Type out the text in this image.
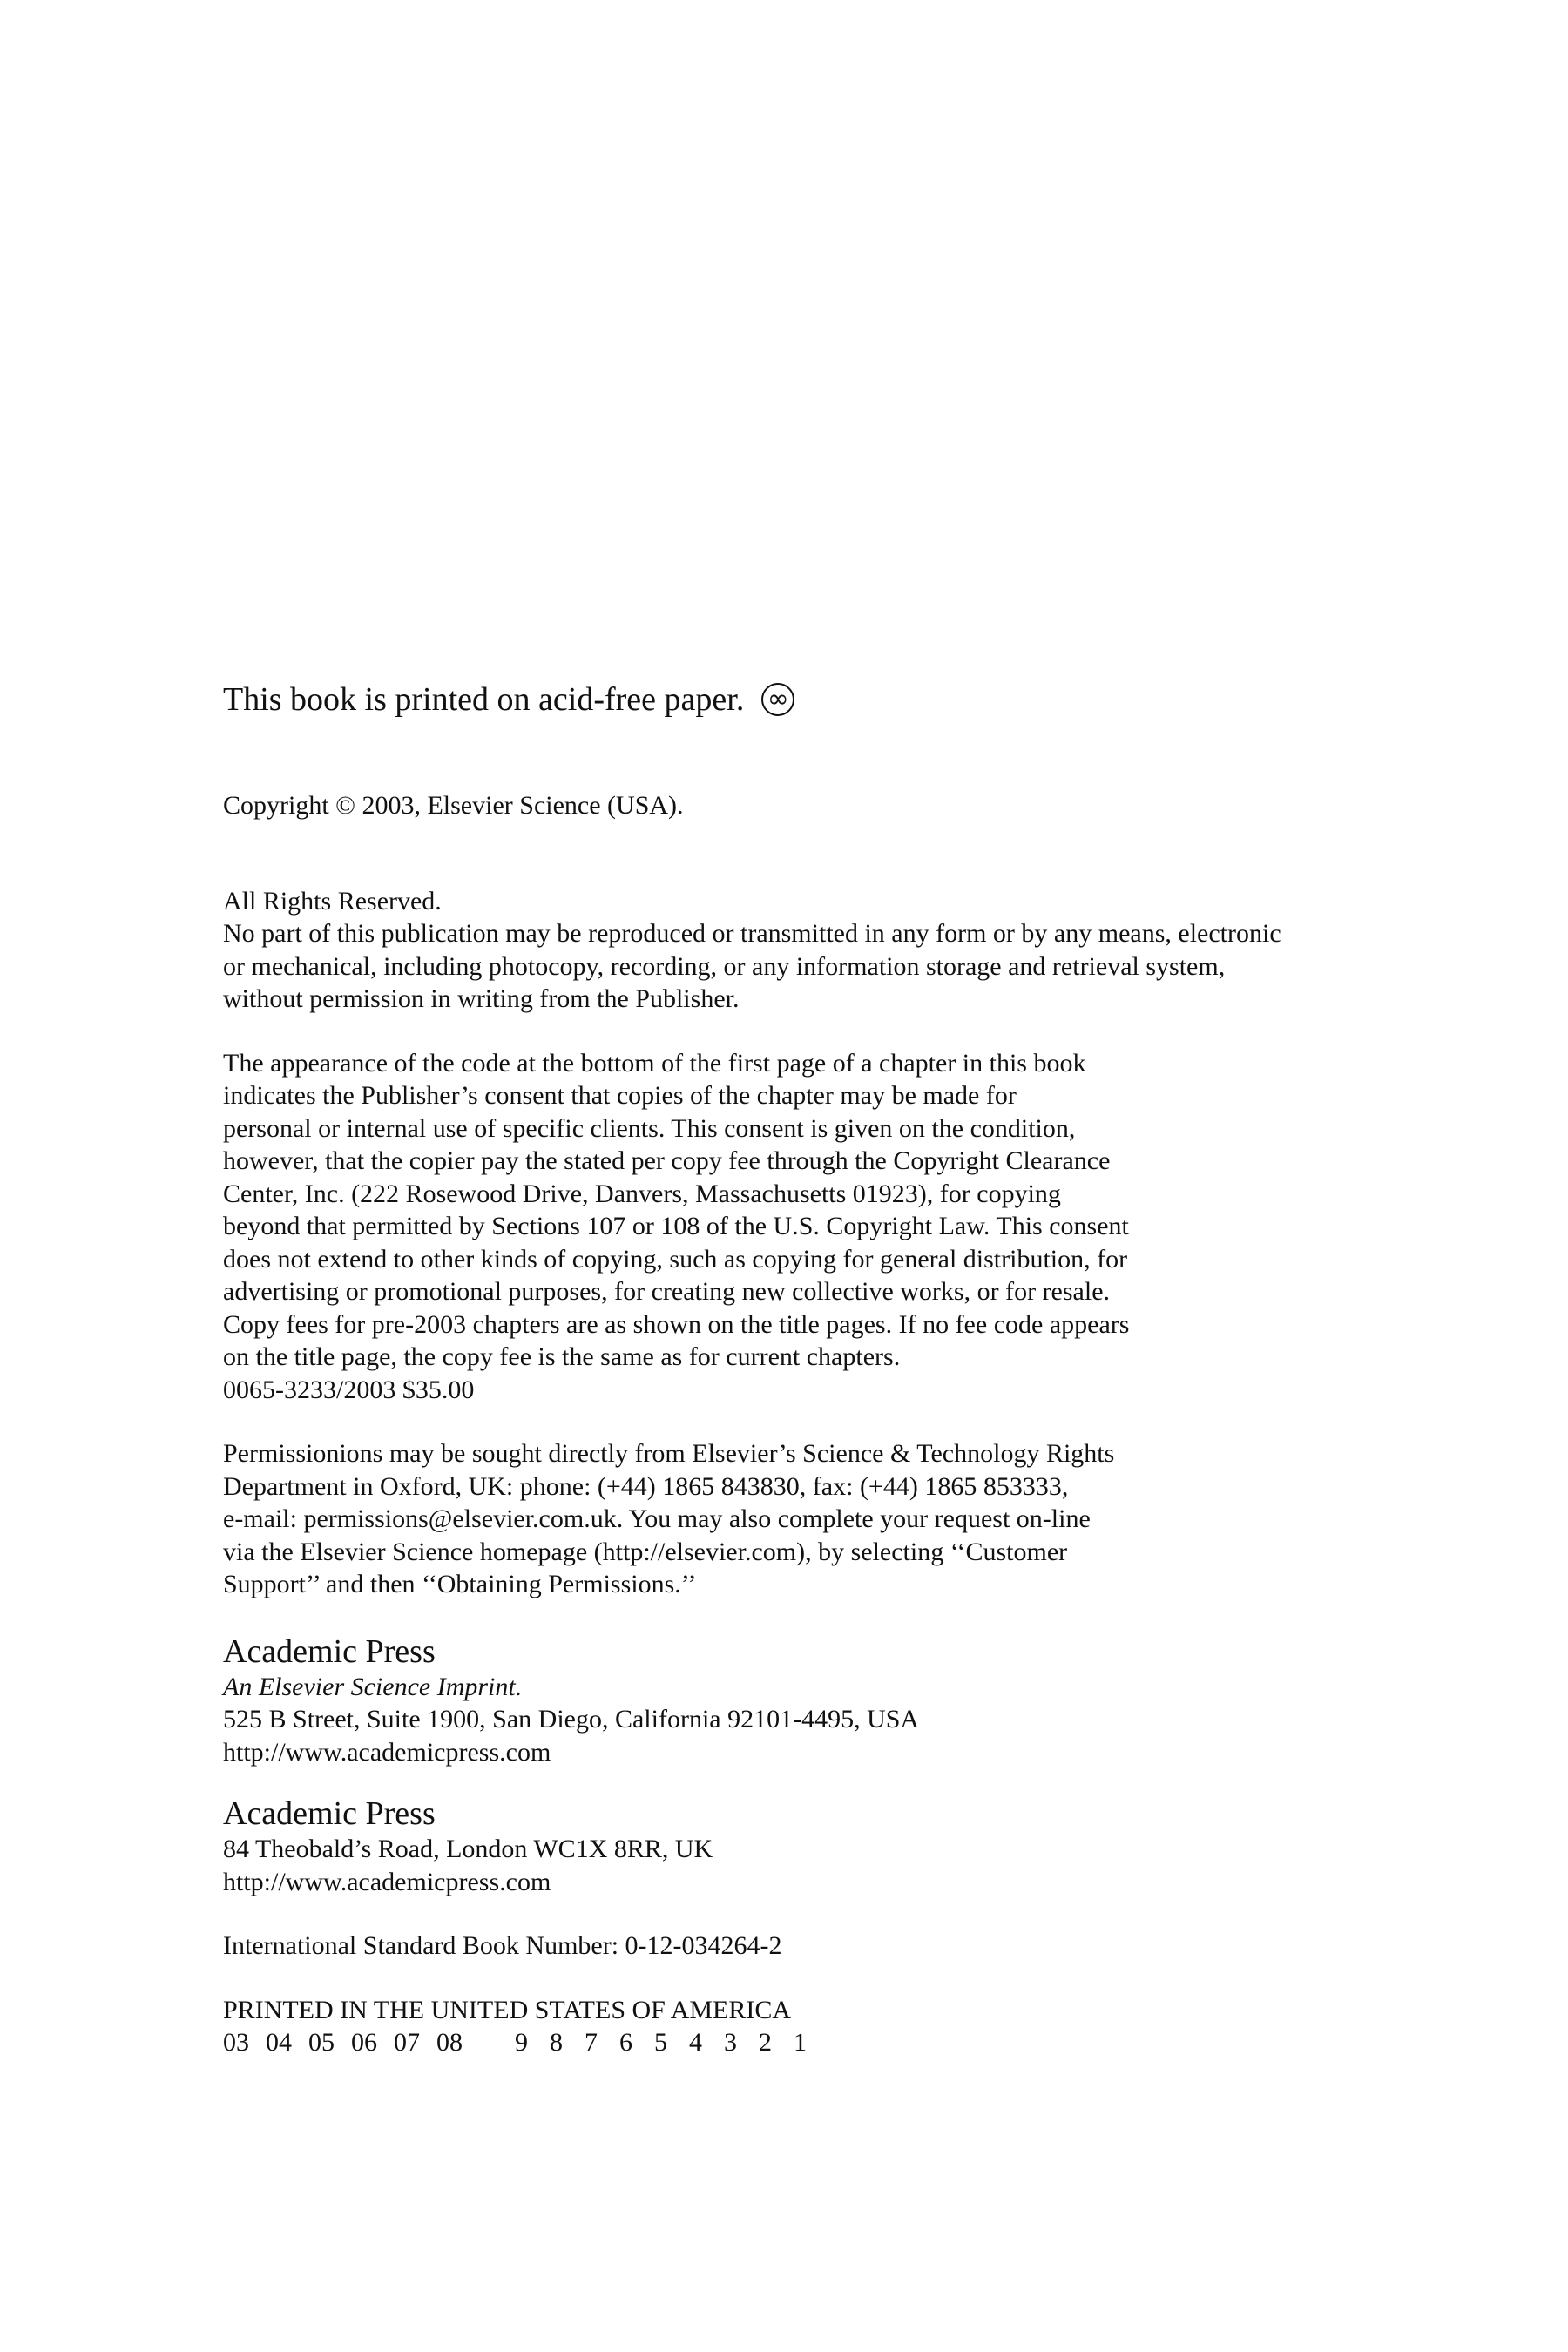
This book is printed on acid-free paper. ∞
Copyright © 2003, Elsevier Science (USA).
All Rights Reserved.
No part of this publication may be reproduced or transmitted in any form or by any means, electronic or mechanical, including photocopy, recording, or any information storage and retrieval system, without permission in writing from the Publisher.
The appearance of the code at the bottom of the first page of a chapter in this book
indicates the Publisher’s consent that copies of the chapter may be made for
personal or internal use of specific clients. This consent is given on the condition,
however, that the copier pay the stated per copy fee through the Copyright Clearance
Center, Inc. (222 Rosewood Drive, Danvers, Massachusetts 01923), for copying
beyond that permitted by Sections 107 or 108 of the U.S. Copyright Law. This consent
does not extend to other kinds of copying, such as copying for general distribution, for
advertising or promotional purposes, for creating new collective works, or for resale.
Copy fees for pre-2003 chapters are as shown on the title pages. If no fee code appears
on the title page, the copy fee is the same as for current chapters.
0065-3233/2003 $35.00
Permissionions may be sought directly from Elsevier’s Science & Technology Rights
Department in Oxford, UK: phone: (+44) 1865 843830, fax: (+44) 1865 853333,
e-mail: permissions@elsevier.com.uk. You may also complete your request on-line
via the Elsevier Science homepage (http://elsevier.com), by selecting ‘‘Customer
Support’’ and then ‘‘Obtaining Permissions.’’
Academic Press
An Elsevier Science Imprint.
525 B Street, Suite 1900, San Diego, California 92101-4495, USA
http://www.academicpress.com
Academic Press
84 Theobald’s Road, London WC1X 8RR, UK
http://www.academicpress.com
International Standard Book Number: 0-12-034264-2
PRINTED IN THE UNITED STATES OF AMERICA
03 04 05 06 07 08 9 8 7 6 5 4 3 2 1
